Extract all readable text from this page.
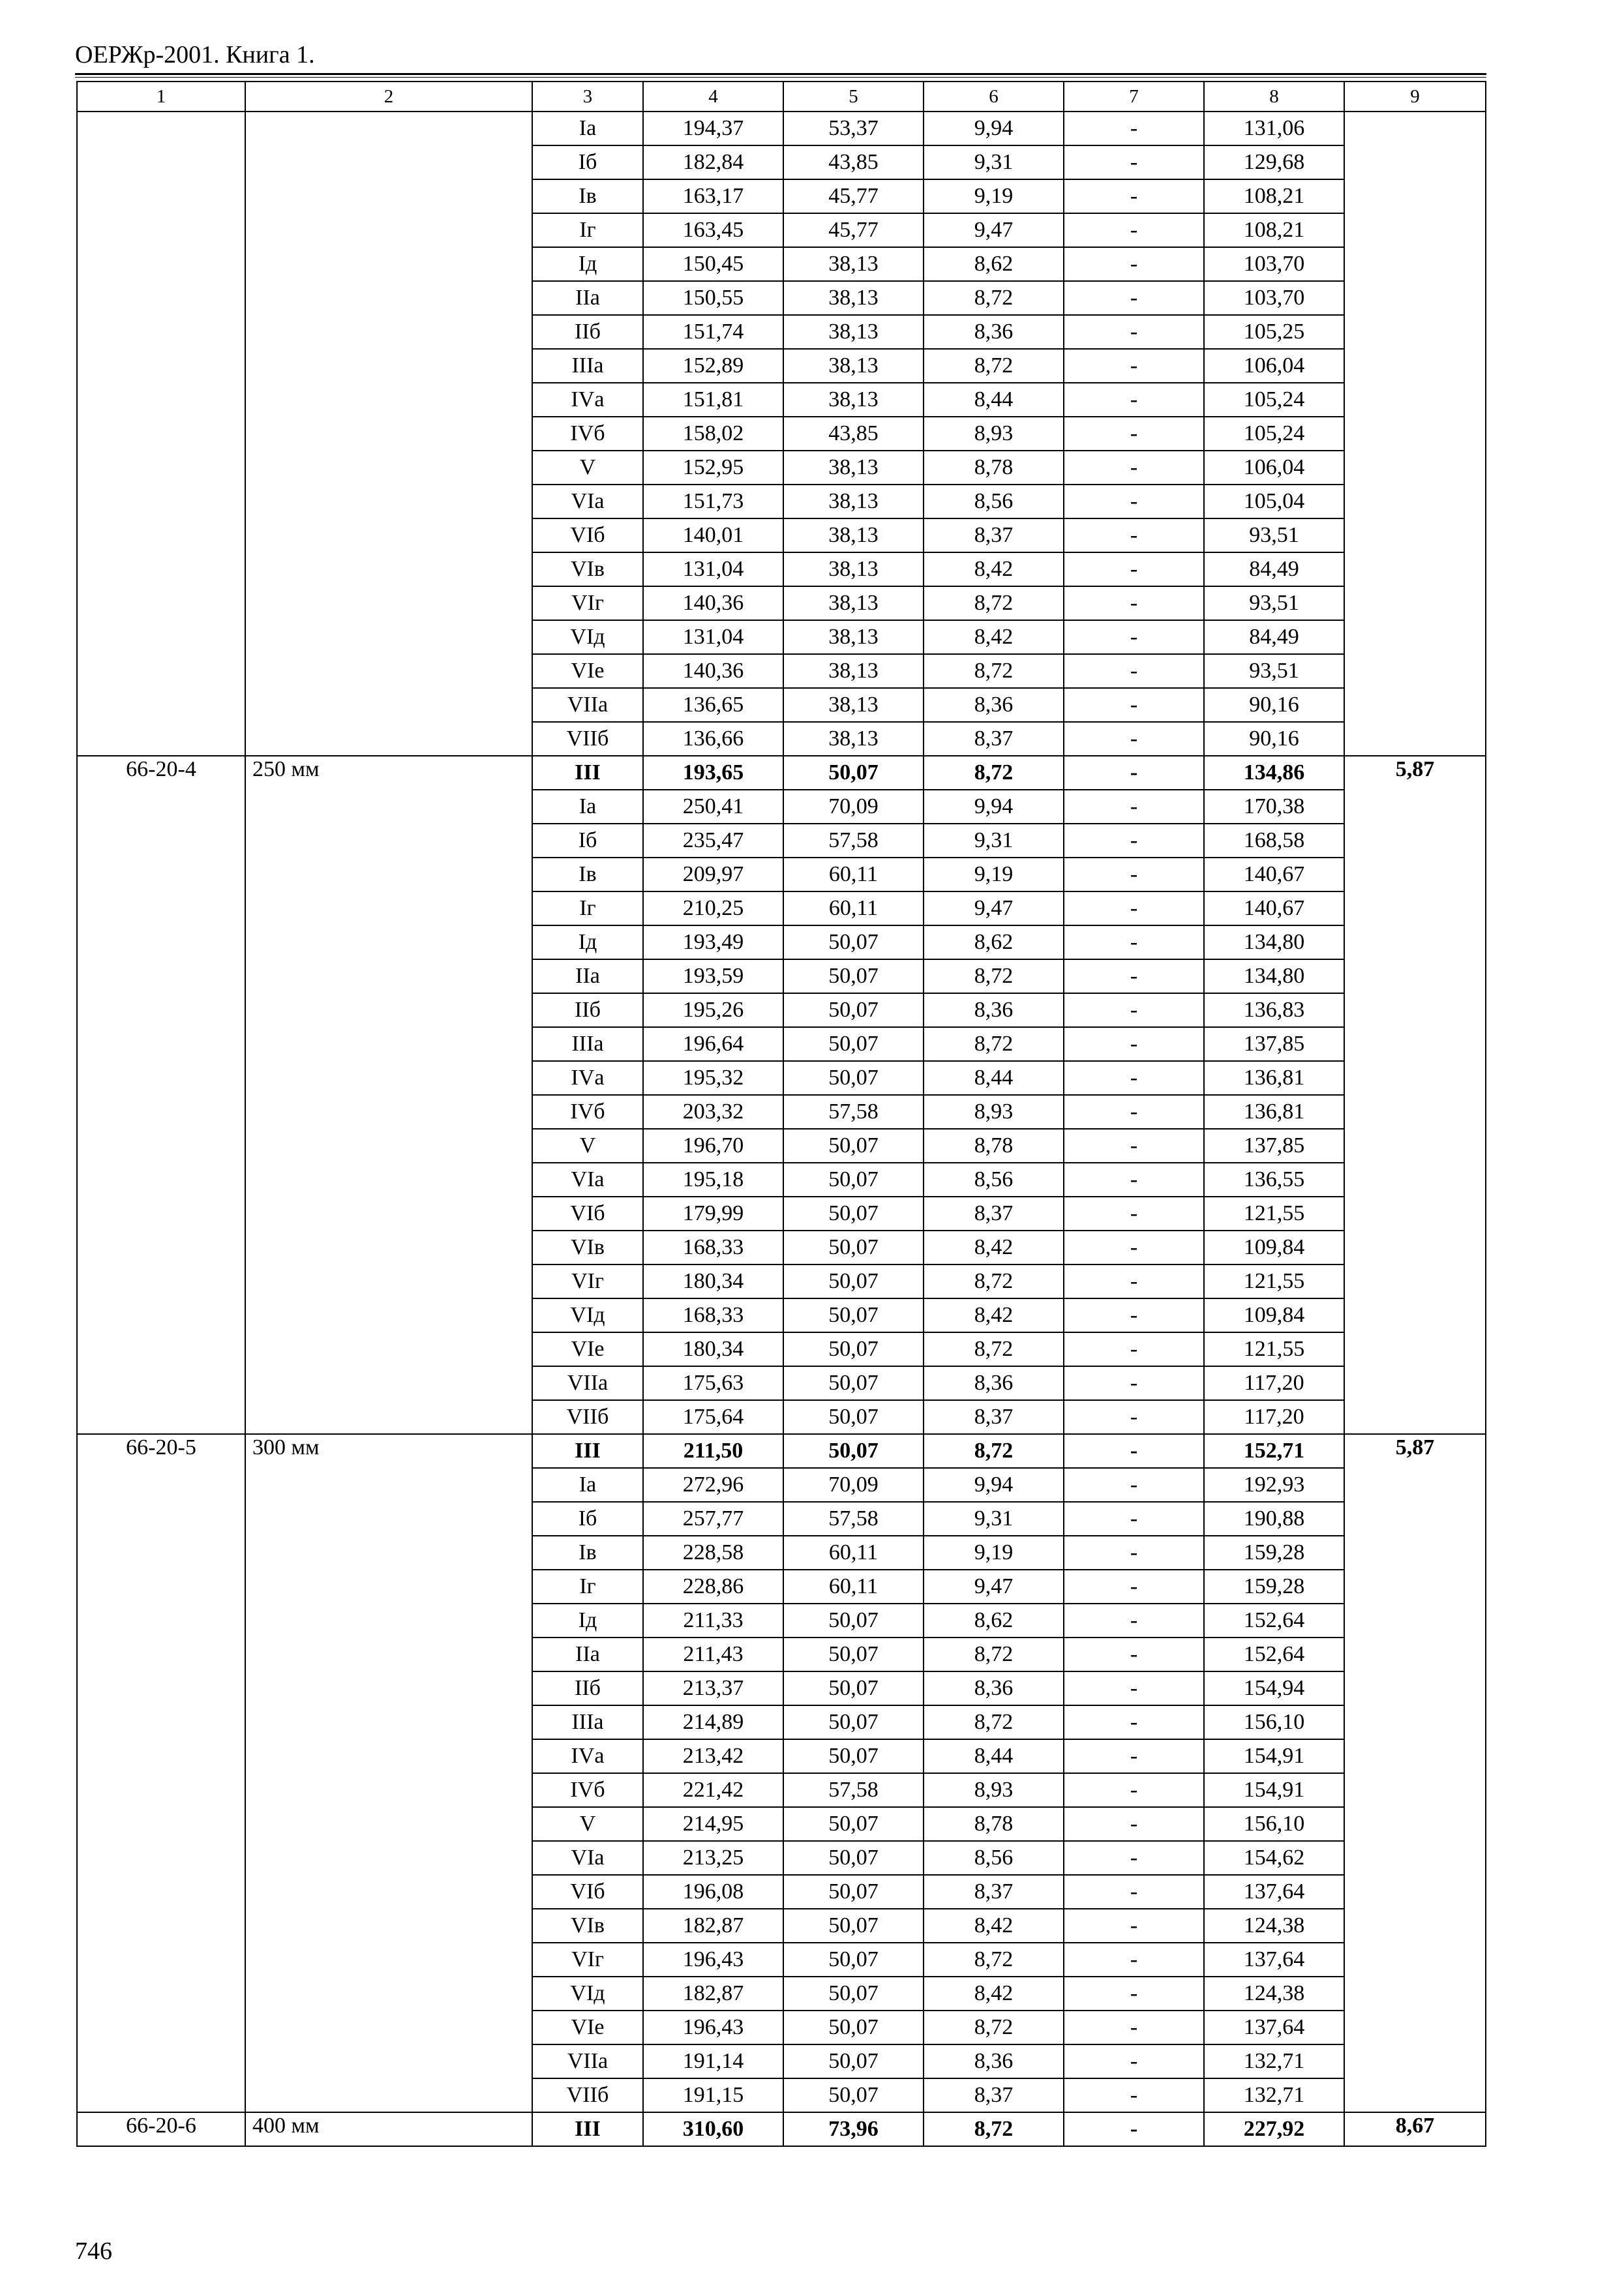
ОЕРЖр-2001. Книга 1.
1	2	3	4	5	6	7	8	9
		Iа	194,37	53,37	9,94	-	131,06	
		Iб	182,84	43,85	9,31	-	129,68	
		Iв	163,17	45,77	9,19	-	108,21	
		Iг	163,45	45,77	9,47	-	108,21	
		Iд	150,45	38,13	8,62	-	103,70	
		IIа	150,55	38,13	8,72	-	103,70	
		IIб	151,74	38,13	8,36	-	105,25	
		IIIа	152,89	38,13	8,72	-	106,04	
		IVа	151,81	38,13	8,44	-	105,24	
		IVб	158,02	43,85	8,93	-	105,24	
		V	152,95	38,13	8,78	-	106,04	
		VIа	151,73	38,13	8,56	-	105,04	
		VIб	140,01	38,13	8,37	-	93,51	
		VIв	131,04	38,13	8,42	-	84,49	
		VIг	140,36	38,13	8,72	-	93,51	
		VIд	131,04	38,13	8,42	-	84,49	
		VIе	140,36	38,13	8,72	-	93,51	
		VIIа	136,65	38,13	8,36	-	90,16	
		VIIб	136,66	38,13	8,37	-	90,16	
66-20-4	250 мм	III	193,65	50,07	8,72	-	134,86	5,87
		Iа	250,41	70,09	9,94	-	170,38	
		Iб	235,47	57,58	9,31	-	168,58	
		Iв	209,97	60,11	9,19	-	140,67	
		Iг	210,25	60,11	9,47	-	140,67	
		Iд	193,49	50,07	8,62	-	134,80	
		IIа	193,59	50,07	8,72	-	134,80	
		IIб	195,26	50,07	8,36	-	136,83	
		IIIа	196,64	50,07	8,72	-	137,85	
		IVа	195,32	50,07	8,44	-	136,81	
		IVб	203,32	57,58	8,93	-	136,81	
		V	196,70	50,07	8,78	-	137,85	
		VIа	195,18	50,07	8,56	-	136,55	
		VIб	179,99	50,07	8,37	-	121,55	
		VIв	168,33	50,07	8,42	-	109,84	
		VIг	180,34	50,07	8,72	-	121,55	
		VIд	168,33	50,07	8,42	-	109,84	
		VIе	180,34	50,07	8,72	-	121,55	
		VIIа	175,63	50,07	8,36	-	117,20	
		VIIб	175,64	50,07	8,37	-	117,20	
66-20-5	300 мм	III	211,50	50,07	8,72	-	152,71	5,87
		Iа	272,96	70,09	9,94	-	192,93	
		Iб	257,77	57,58	9,31	-	190,88	
		Iв	228,58	60,11	9,19	-	159,28	
		Iг	228,86	60,11	9,47	-	159,28	
		Iд	211,33	50,07	8,62	-	152,64	
		IIа	211,43	50,07	8,72	-	152,64	
		IIб	213,37	50,07	8,36	-	154,94	
		IIIа	214,89	50,07	8,72	-	156,10	
		IVа	213,42	50,07	8,44	-	154,91	
		IVб	221,42	57,58	8,93	-	154,91	
		V	214,95	50,07	8,78	-	156,10	
		VIа	213,25	50,07	8,56	-	154,62	
		VIб	196,08	50,07	8,37	-	137,64	
		VIв	182,87	50,07	8,42	-	124,38	
		VIг	196,43	50,07	8,72	-	137,64	
		VIд	182,87	50,07	8,42	-	124,38	
		VIе	196,43	50,07	8,72	-	137,64	
		VIIа	191,14	50,07	8,36	-	132,71	
		VIIб	191,15	50,07	8,37	-	132,71	
66-20-6	400 мм	III	310,60	73,96	8,72	-	227,92	8,67
746
